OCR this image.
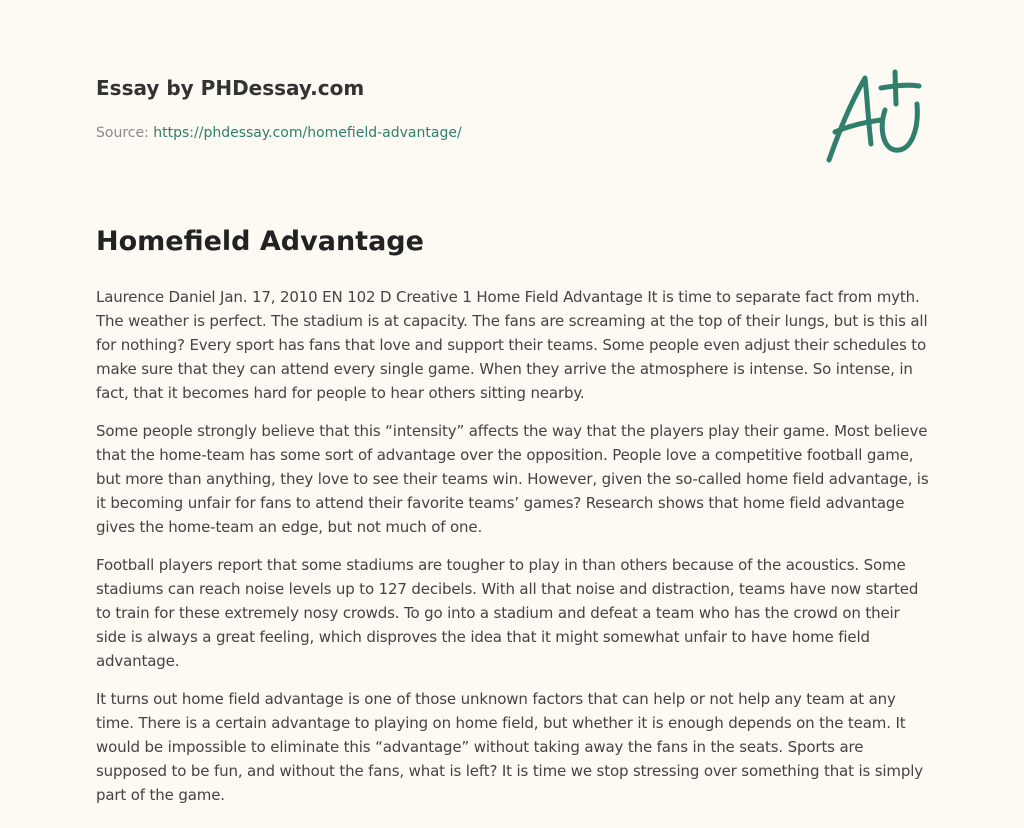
Essay by PHDessay.com
Source: https://phdessay.com/homefield-advantage/
Homefield Advantage

Laurence Daniel Jan. 17, 2010 EN 102 D Creative 1 Home Field Advantage It is time to separate fact from myth. The weather is perfect. The stadium is at capacity. The fans are screaming at the top of their lungs, but is this all for nothing? Every sport has fans that love and support their teams. Some people even adjust their schedules to make sure that they can attend every single game. When they arrive the atmosphere is intense. So intense, in fact, that it becomes hard for people to hear others sitting nearby.

Some people strongly believe that this “intensity” affects the way that the players play their game. Most believe that the home-team has some sort of advantage over the opposition. People love a competitive football game, but more than anything, they love to see their teams win. However, given the so-called home field advantage, is it becoming unfair for fans to attend their favorite teams’ games? Research shows that home field advantage gives the home-team an edge, but not much of one.

Football players report that some stadiums are tougher to play in than others because of the acoustics. Some stadiums can reach noise levels up to 127 decibels. With all that noise and distraction, teams have now started to train for these extremely nosy crowds. To go into a stadium and defeat a team who has the crowd on their side is always a great feeling, which disproves the idea that it might somewhat unfair to have home field advantage.

It turns out home field advantage is one of those unknown factors that can help or not help any team at any time. There is a certain advantage to playing on home field, but whether it is enough depends on the team. It would be impossible to eliminate this “advantage” without taking away the fans in the seats. Sports are supposed to be fun, and without the fans, what is left? It is time we stop stressing over something that is simply part of the game.
